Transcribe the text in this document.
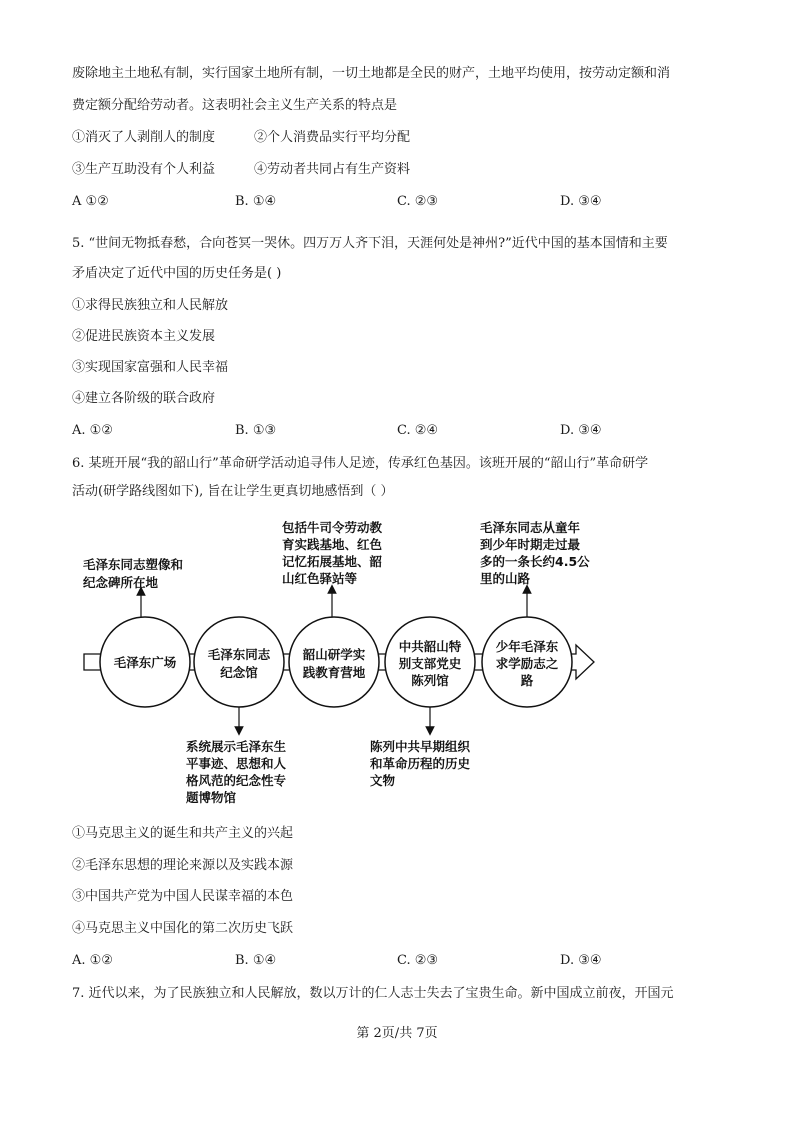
废除地主土地私有制，实行国家土地所有制，一切土地都是全民的财产，土地平均使用，按劳动定额和消
费定额分配给劳动者。这表明社会主义生产关系的特点是
①消灭了人剥削人的制度	②个人消费品实行平均分配
③生产互助没有个人利益	④劳动者共同占有生产资料
A ①②	B. ①④	C. ②③	D. ③④
5. “世间无物抵春愁，合向苍冥一哭休。四万万人齐下泪，天涯何处是神州?”近代中国的基本国情和主要
矛盾决定了近代中国的历史任务是( )
①求得民族独立和人民解放
②促进民族资本主义发展
③实现国家富强和人民幸福
④建立各阶级的联合政府
A. ①②	B. ①③	C. ②④	D. ③④
6. 某班开展“我的韶山行”革命研学活动追寻伟人足迹，传承红色基因。该班开展的“韶山行”革命研学
活动(研学路线图如下), 旨在让学生更真切地感悟到（ ）
毛泽东广场
毛泽东同志
纪念馆
韶山研学实
践教育营地
中共韶山特
别支部党史
陈列馆
少年毛泽东
求学励志之
路
毛泽东同志塑像和
纪念碑所在地
包括牛司令劳动教
育实践基地、红色
记忆拓展基地、韶
山红色驿站等
毛泽东同志从童年
到少年时期走过最
多的一条长约4.5公
里的山路
系统展示毛泽东生
平事迹、思想和人
格风范的纪念性专
题博物馆
陈列中共早期组织
和革命历程的历史
文物
①马克思主义的诞生和共产主义的兴起
②毛泽东思想的理论来源以及实践本源
③中国共产党为中国人民谋幸福的本色
④马克思主义中国化的第二次历史飞跃
A. ①②	B. ①④	C. ②③	D. ③④
7. 近代以来，为了民族独立和人民解放，数以万计的仁人志士失去了宝贵生命。新中国成立前夜，开国元
第 2页/共 7页
